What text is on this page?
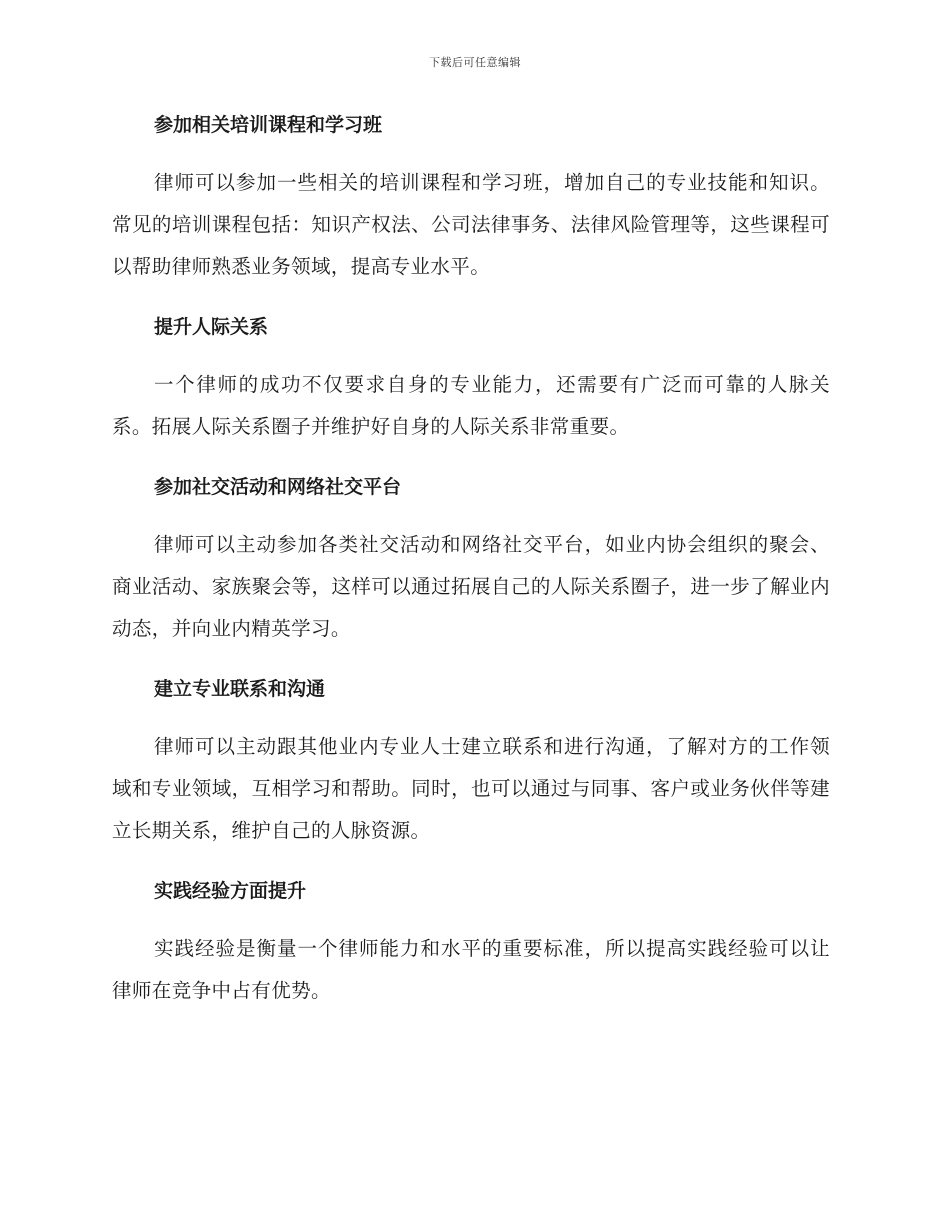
下载后可任意编辑
参加相关培训课程和学习班

律师可以参加一些相关的培训课程和学习班，增加自己的专业技能和知识。常见的培训课程包括：知识产权法、公司法律事务、法律风险管理等，这些课程可以帮助律师熟悉业务领域，提高专业水平。

提升人际关系

一个律师的成功不仅要求自身的专业能力，还需要有广泛而可靠的人脉关系。拓展人际关系圈子并维护好自身的人际关系非常重要。

参加社交活动和网络社交平台

律师可以主动参加各类社交活动和网络社交平台，如业内协会组织的聚会、商业活动、家族聚会等，这样可以通过拓展自己的人际关系圈子，进一步了解业内动态，并向业内精英学习。

建立专业联系和沟通

律师可以主动跟其他业内专业人士建立联系和进行沟通，了解对方的工作领域和专业领域，互相学习和帮助。同时，也可以通过与同事、客户或业务伙伴等建立长期关系，维护自己的人脉资源。

实践经验方面提升

实践经验是衡量一个律师能力和水平的重要标准，所以提高实践经验可以让律师在竞争中占有优势。
